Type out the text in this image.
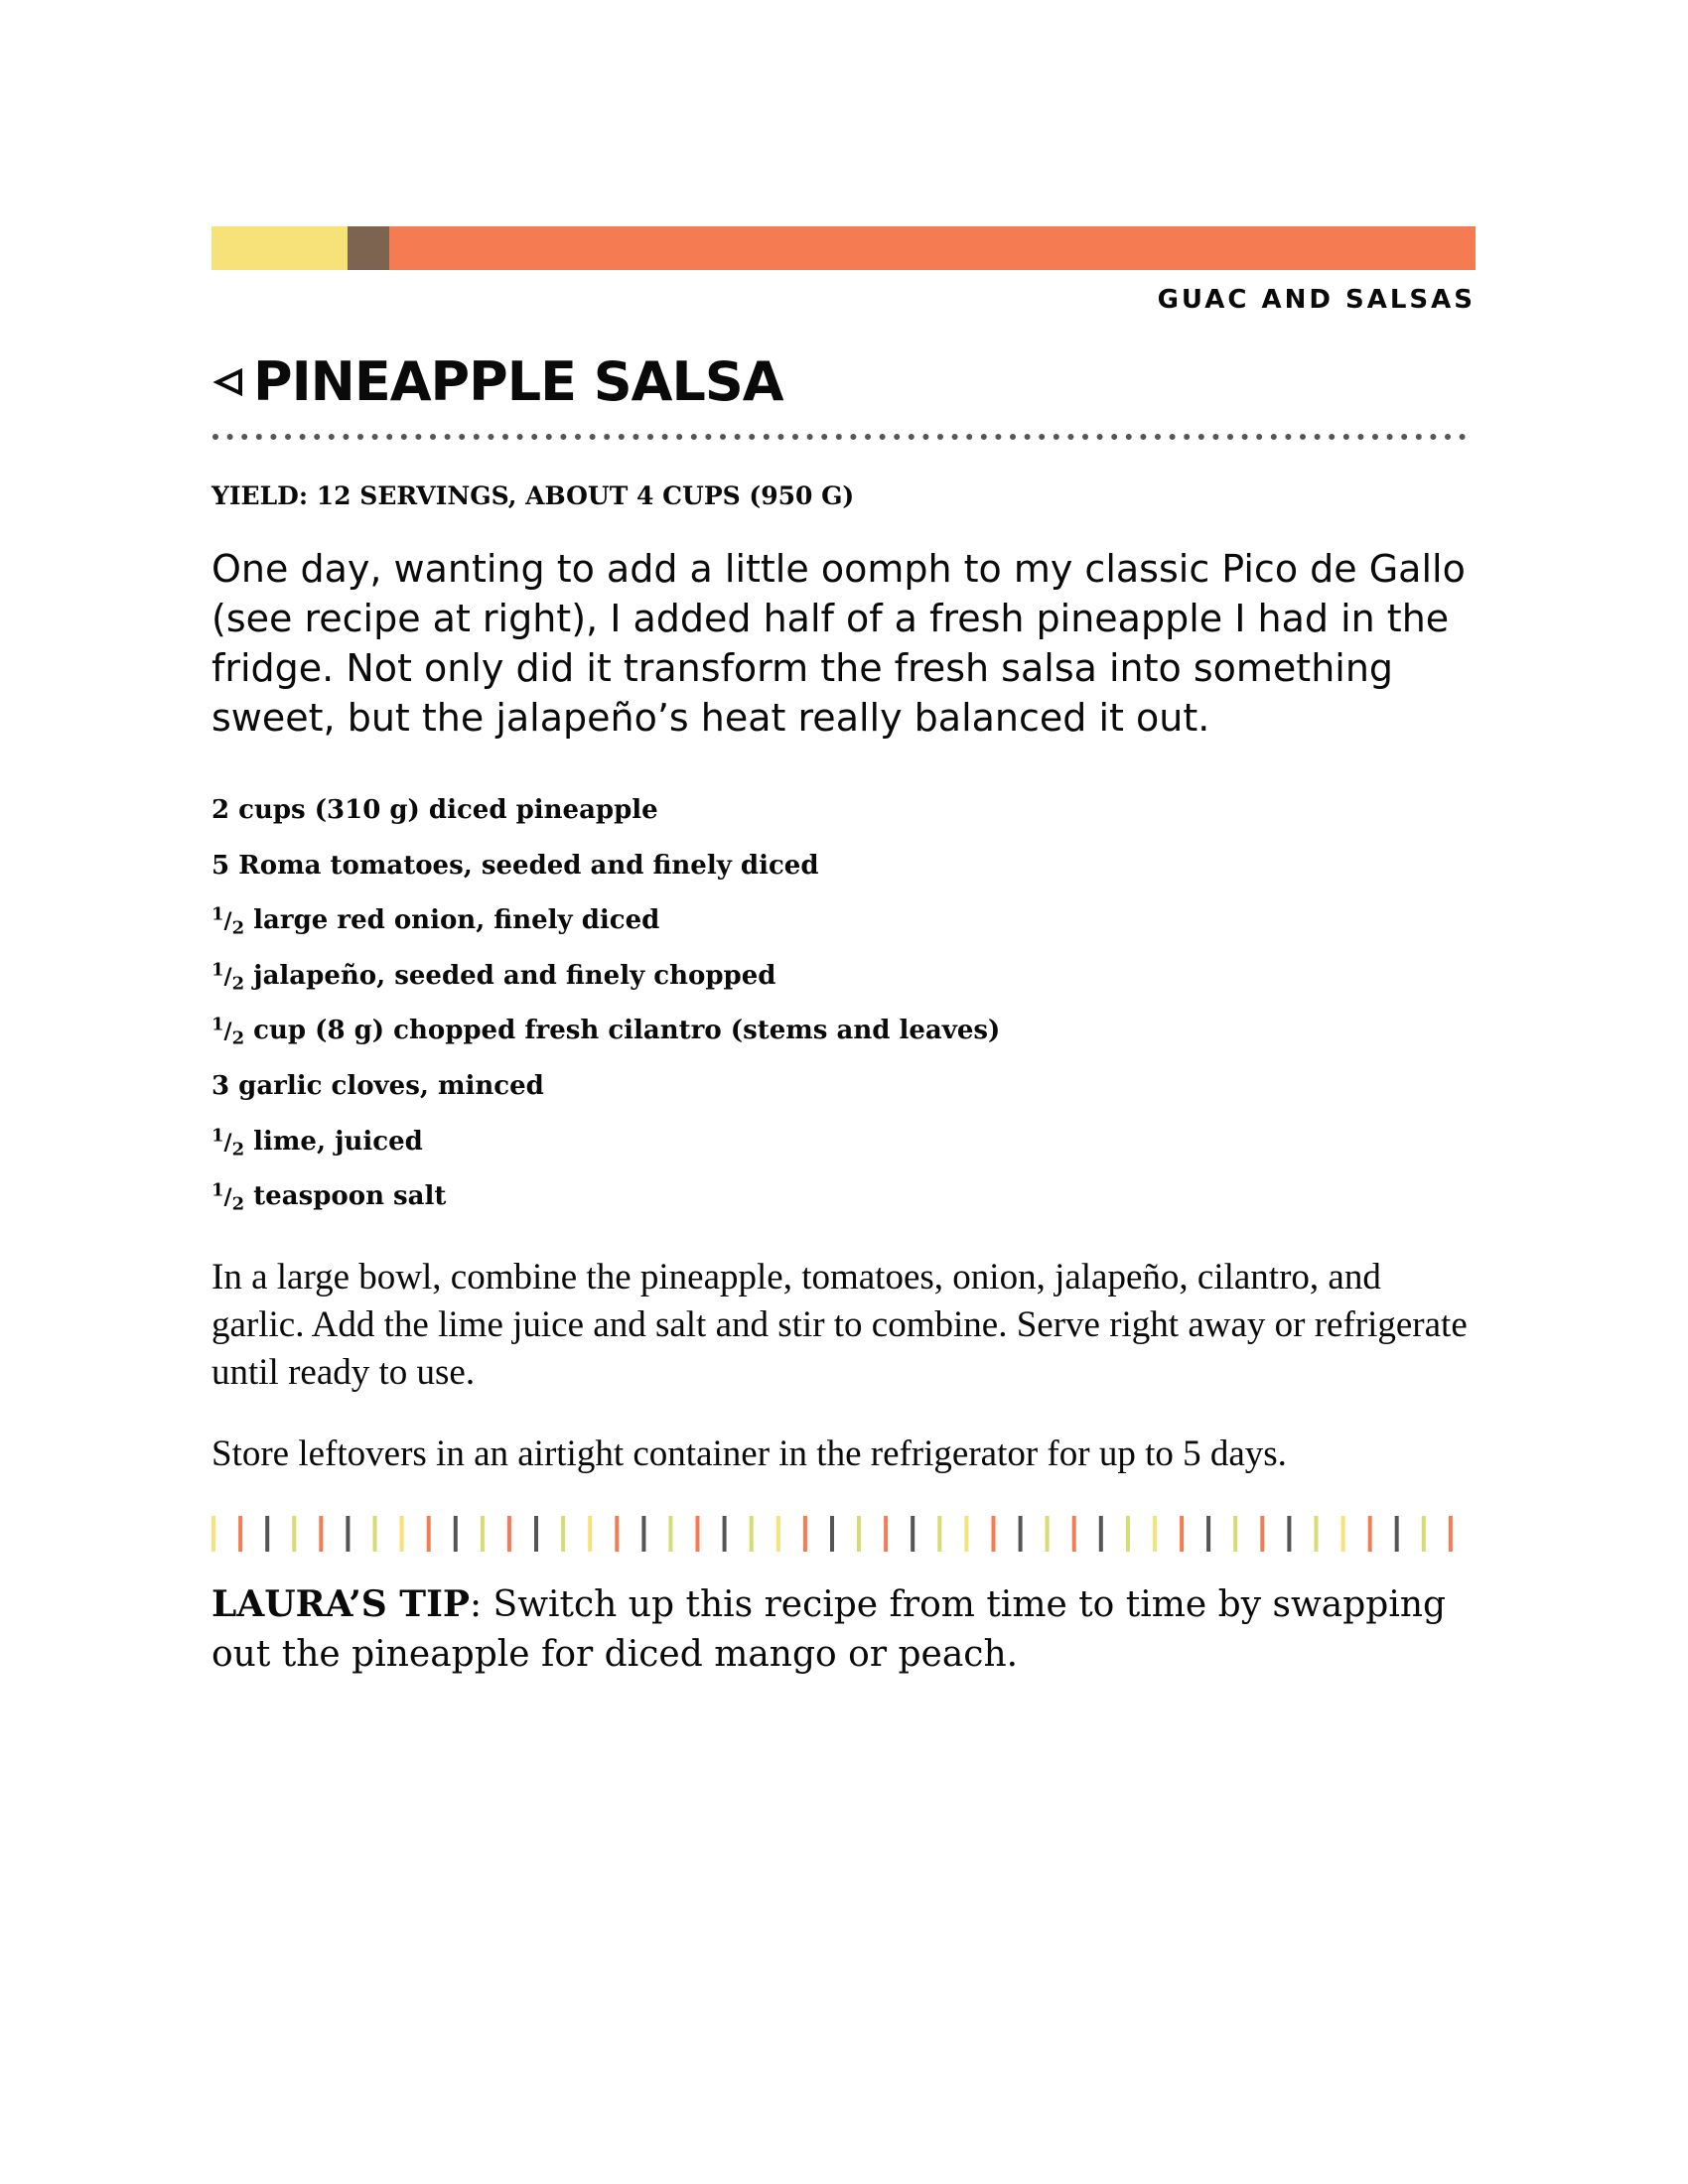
GUAC AND SALSAS
PINEAPPLE SALSA
YIELD: 12 SERVINGS, ABOUT 4 CUPS (950 G)
One day, wanting to add a little oomph to my classic Pico de Gallo (see recipe at right), I added half of a fresh pineapple I had in the fridge. Not only did it transform the fresh salsa into something sweet, but the jalapeño’s heat really balanced it out.
2 cups (310 g) diced pineapple
5 Roma tomatoes, seeded and finely diced
$^1/_2$ large red onion, finely diced
$^1/_2$ jalapeño, seeded and finely chopped
$^1/_2$ cup (8 g) chopped fresh cilantro (stems and leaves)
3 garlic cloves, minced
$^1/_2$ lime, juiced
$^1/_2$ teaspoon salt

In a large bowl, combine the pineapple, tomatoes, onion, jalapeño, cilantro, and garlic. Add the lime juice and salt and stir to combine. Serve right away or refrigerate until ready to use.

Store leftovers in an airtight container in the refrigerator for up to 5 days.

LAURA’S TIP: Switch up this recipe from time to time by swapping out the pineapple for diced mango or peach.
